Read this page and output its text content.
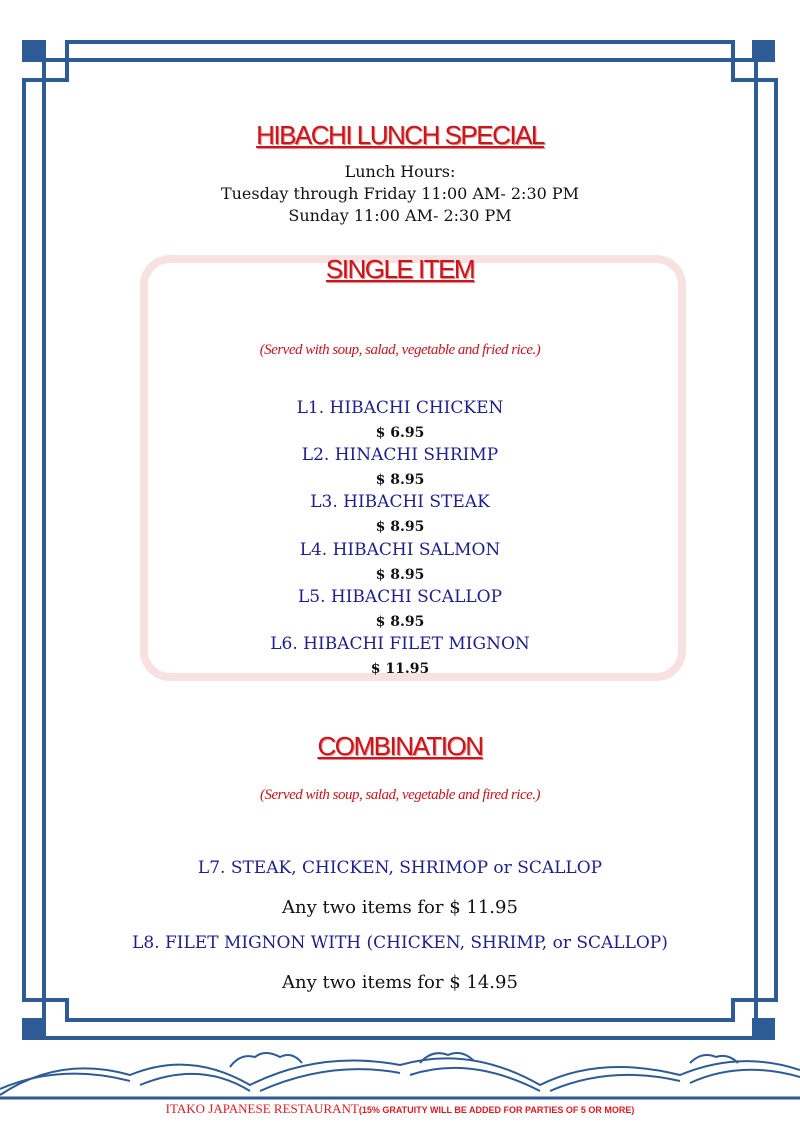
HIBACHI LUNCH SPECIAL
Lunch Hours:
Tuesday through Friday 11:00 AM- 2:30 PM
Sunday 11:00 AM- 2:30 PM
SINGLE ITEM
(Served with soup, salad, vegetable and fried rice.)
L1. HIBACHI CHICKEN
$ 6.95
L2. HINACHI SHRIMP
$ 8.95
L3. HIBACHI STEAK
$ 8.95
L4. HIBACHI SALMON
$ 8.95
L5. HIBACHI SCALLOP
$ 8.95
L6. HIBACHI FILET MIGNON
$ 11.95
COMBINATION
(Served with soup, salad, vegetable and fired rice.)
L7. STEAK, CHICKEN, SHRIMOP or SCALLOP
Any two items for $ 11.95
L8. FILET MIGNON WITH (CHICKEN, SHRIMP, or SCALLOP)
Any two items for $ 14.95
ITAKO JAPANESE RESTAURANT(15% GRATUITY WILL BE ADDED FOR PARTIES OF 5 OR MORE)
